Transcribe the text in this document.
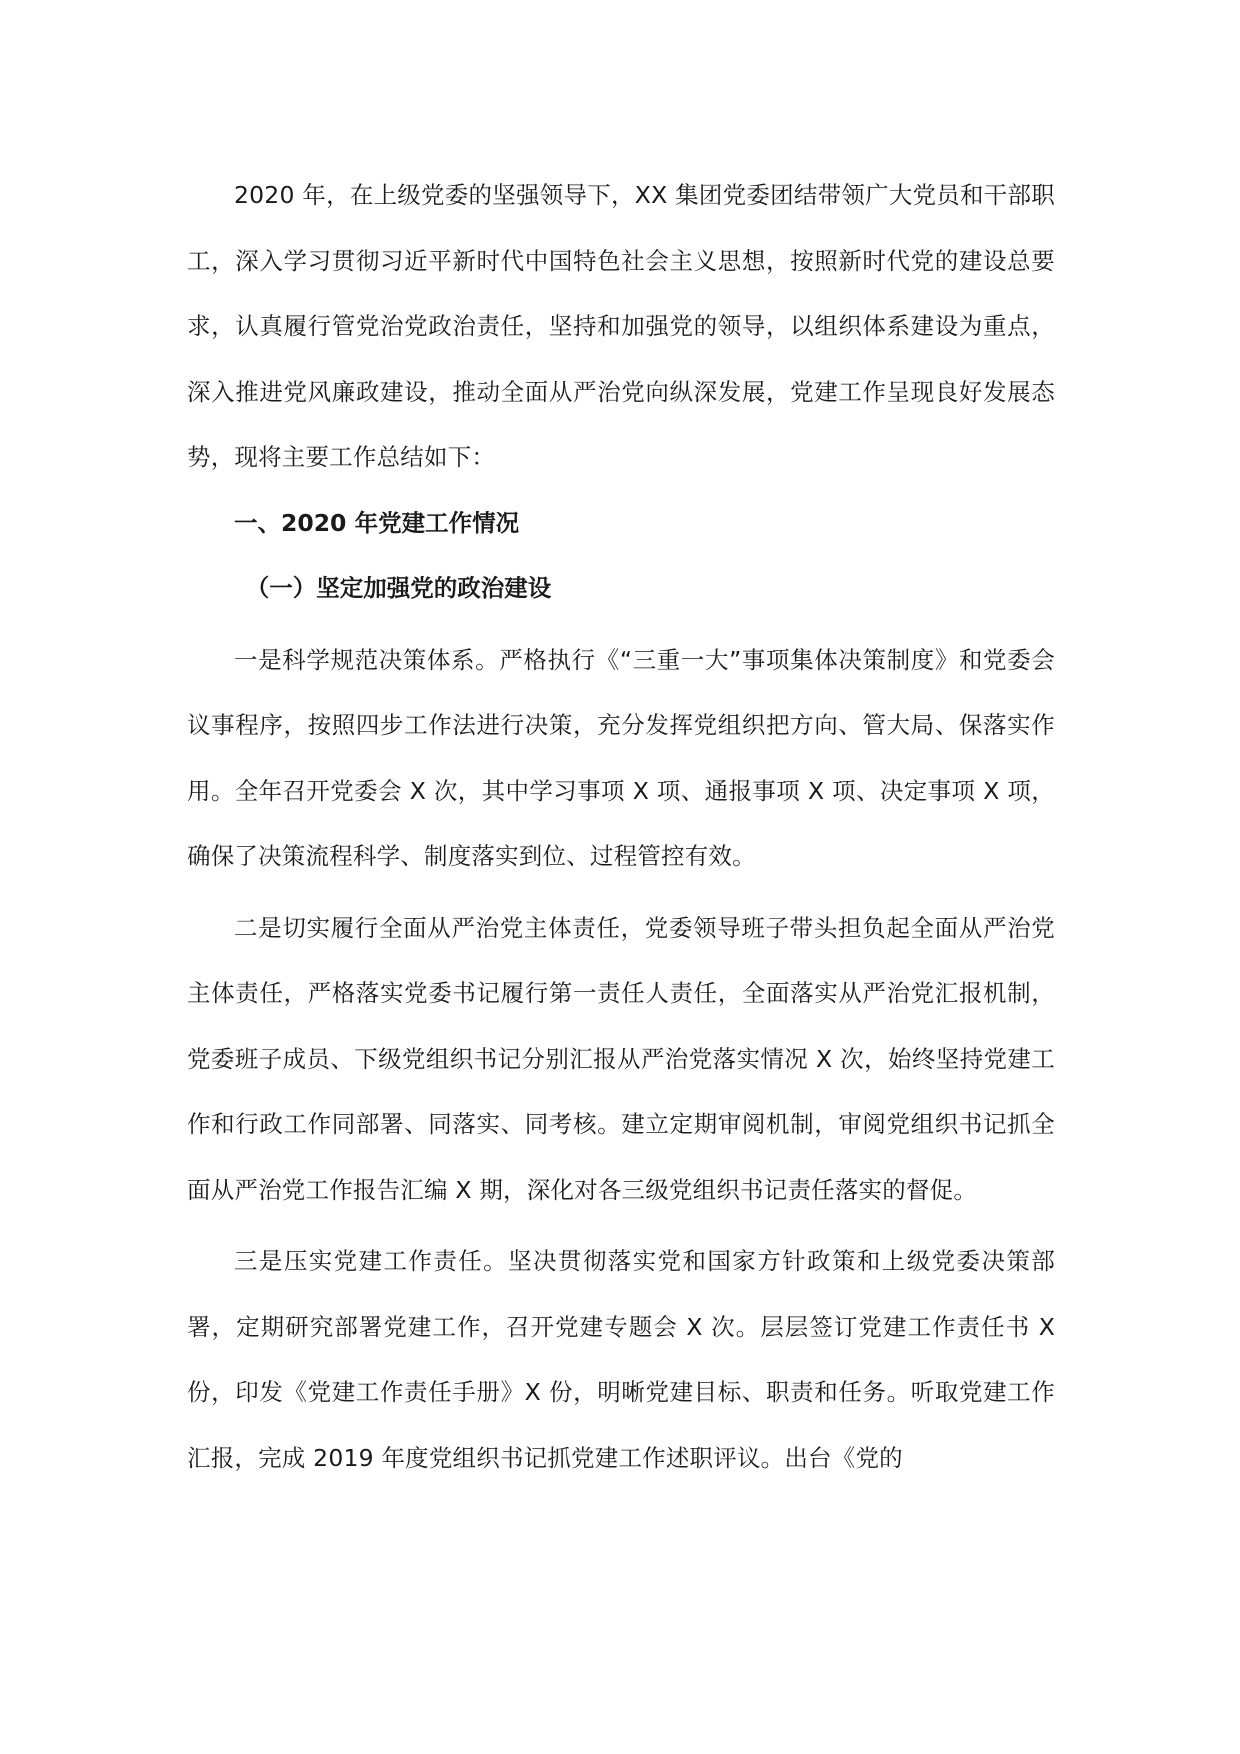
2020 年，在上级党委的坚强领导下，XX 集团党委团结带领广大党员和干部职工，深入学习贯彻习近平新时代中国特色社会主义思想，按照新时代党的建设总要求，认真履行管党治党政治责任，坚持和加强党的领导，以组织体系建设为重点，深入推进党风廉政建设，推动全面从严治党向纵深发展，党建工作呈现良好发展态势，现将主要工作总结如下：

一、2020 年党建工作情况

（一）坚定加强党的政治建设

一是科学规范决策体系。严格执行《“三重一大”事项集体决策制度》和党委会议事程序，按照四步工作法进行决策，充分发挥党组织把方向、管大局、保落实作用。全年召开党委会 X 次，其中学习事项 X 项、通报事项 X 项、决定事项 X 项，确保了决策流程科学、制度落实到位、过程管控有效。

二是切实履行全面从严治党主体责任，党委领导班子带头担负起全面从严治党主体责任，严格落实党委书记履行第一责任人责任，全面落实从严治党汇报机制，党委班子成员、下级党组织书记分别汇报从严治党落实情况 X 次，始终坚持党建工作和行政工作同部署、同落实、同考核。建立定期审阅机制，审阅党组织书记抓全面从严治党工作报告汇编 X 期，深化对各三级党组织书记责任落实的督促。

三是压实党建工作责任。坚决贯彻落实党和国家方针政策和上级党委决策部署，定期研究部署党建工作，召开党建专题会 X 次。层层签订党建工作责任书 X 份，印发《党建工作责任手册》X 份，明晰党建目标、职责和任务。听取党建工作汇报，完成 2019 年度党组织书记抓党建工作述职评议。出台《党的
